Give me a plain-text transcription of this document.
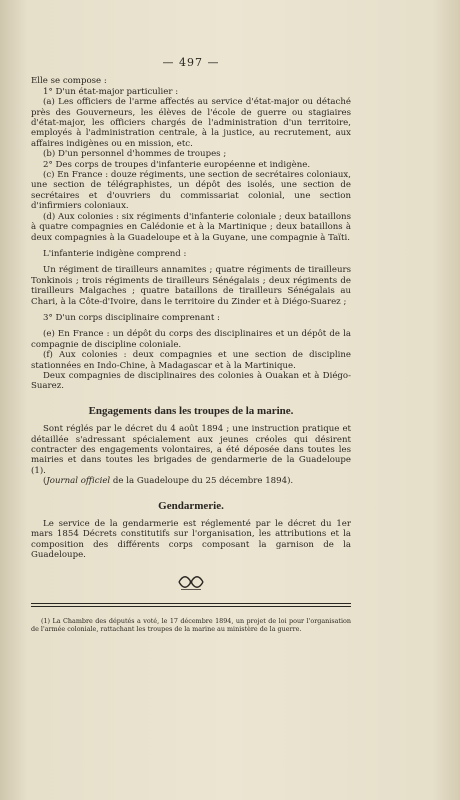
— 497 —

Elle se compose :

1° D'un état-major particulier :

(a) Les officiers de l'arme affectés au service d'état-major ou détaché près des Gouverneurs, les élèves de l'école de guerre ou stagiaires d'état-major, les officiers chargés de l'administration d'un territoire, employés à l'administration centrale, à la justice, au recrutement, aux affaires indigènes ou en mission, etc.

(b) D'un personnel d'hommes de troupes ;

2° Des corps de troupes d'infanterie européenne et indigène.

(c) En France : douze régiments, une section de secrétaires coloniaux, une section de télégraphistes, un dépôt des isolés, une section de secrétaires et d'ouvriers du commissariat colonial, une section d'infirmiers coloniaux.

(d) Aux colonies : six régiments d'infanterie coloniale ; deux bataillons à quatre compagnies en Calédonie et à la Martinique ; deux bataillons à deux compagnies à la Guadeloupe et à la Guyane, une compagnie à Taïti.

L'infanterie indigène comprend :

Un régiment de tirailleurs annamites ; quatre régiments de tirailleurs Tonkinois ; trois régiments de tirailleurs Sénégalais ; deux régiments de tirailleurs Malgaches ; quatre bataillons de tirailleurs Sénégalais au Chari, à la Côte-d'Ivoire, dans le territoire du Zinder et à Diégo-Suarez ;

3° D'un corps disciplinaire comprenant :

(e) En France : un dépôt du corps des disciplinaires et un dépôt de la compagnie de discipline coloniale.

(f) Aux colonies : deux compagnies et une section de discipline stationnées en Indo-Chine, à Madagascar et à la Martinique.

Deux compagnies de disciplinaires des colonies à Ouakan et à Diégo-Suarez.

Engagements dans les troupes de la marine.

Sont réglés par le décret du 4 août 1894 ; une instruction pratique et détaillée s'adressant spécialement aux jeunes créoles qui désirent contracter des engagements volontaires, a été déposée dans toutes les mairies et dans toutes les brigades de gendarmerie de la Guadeloupe (1).

(Journal officiel de la Guadeloupe du 25 décembre 1894).

Gendarmerie.

Le service de la gendarmerie est réglementé par le décret du 1er mars 1854 Décrets constitutifs sur l'organisation, les attributions et la composition des différents corps composant la garnison de la Guadeloupe.

(1) La Chambre des députés a voté, le 17 décembre 1894, un projet de loi pour l'organisation de l'armée coloniale, rattachant les troupes de la marine au ministère de la guerre.
